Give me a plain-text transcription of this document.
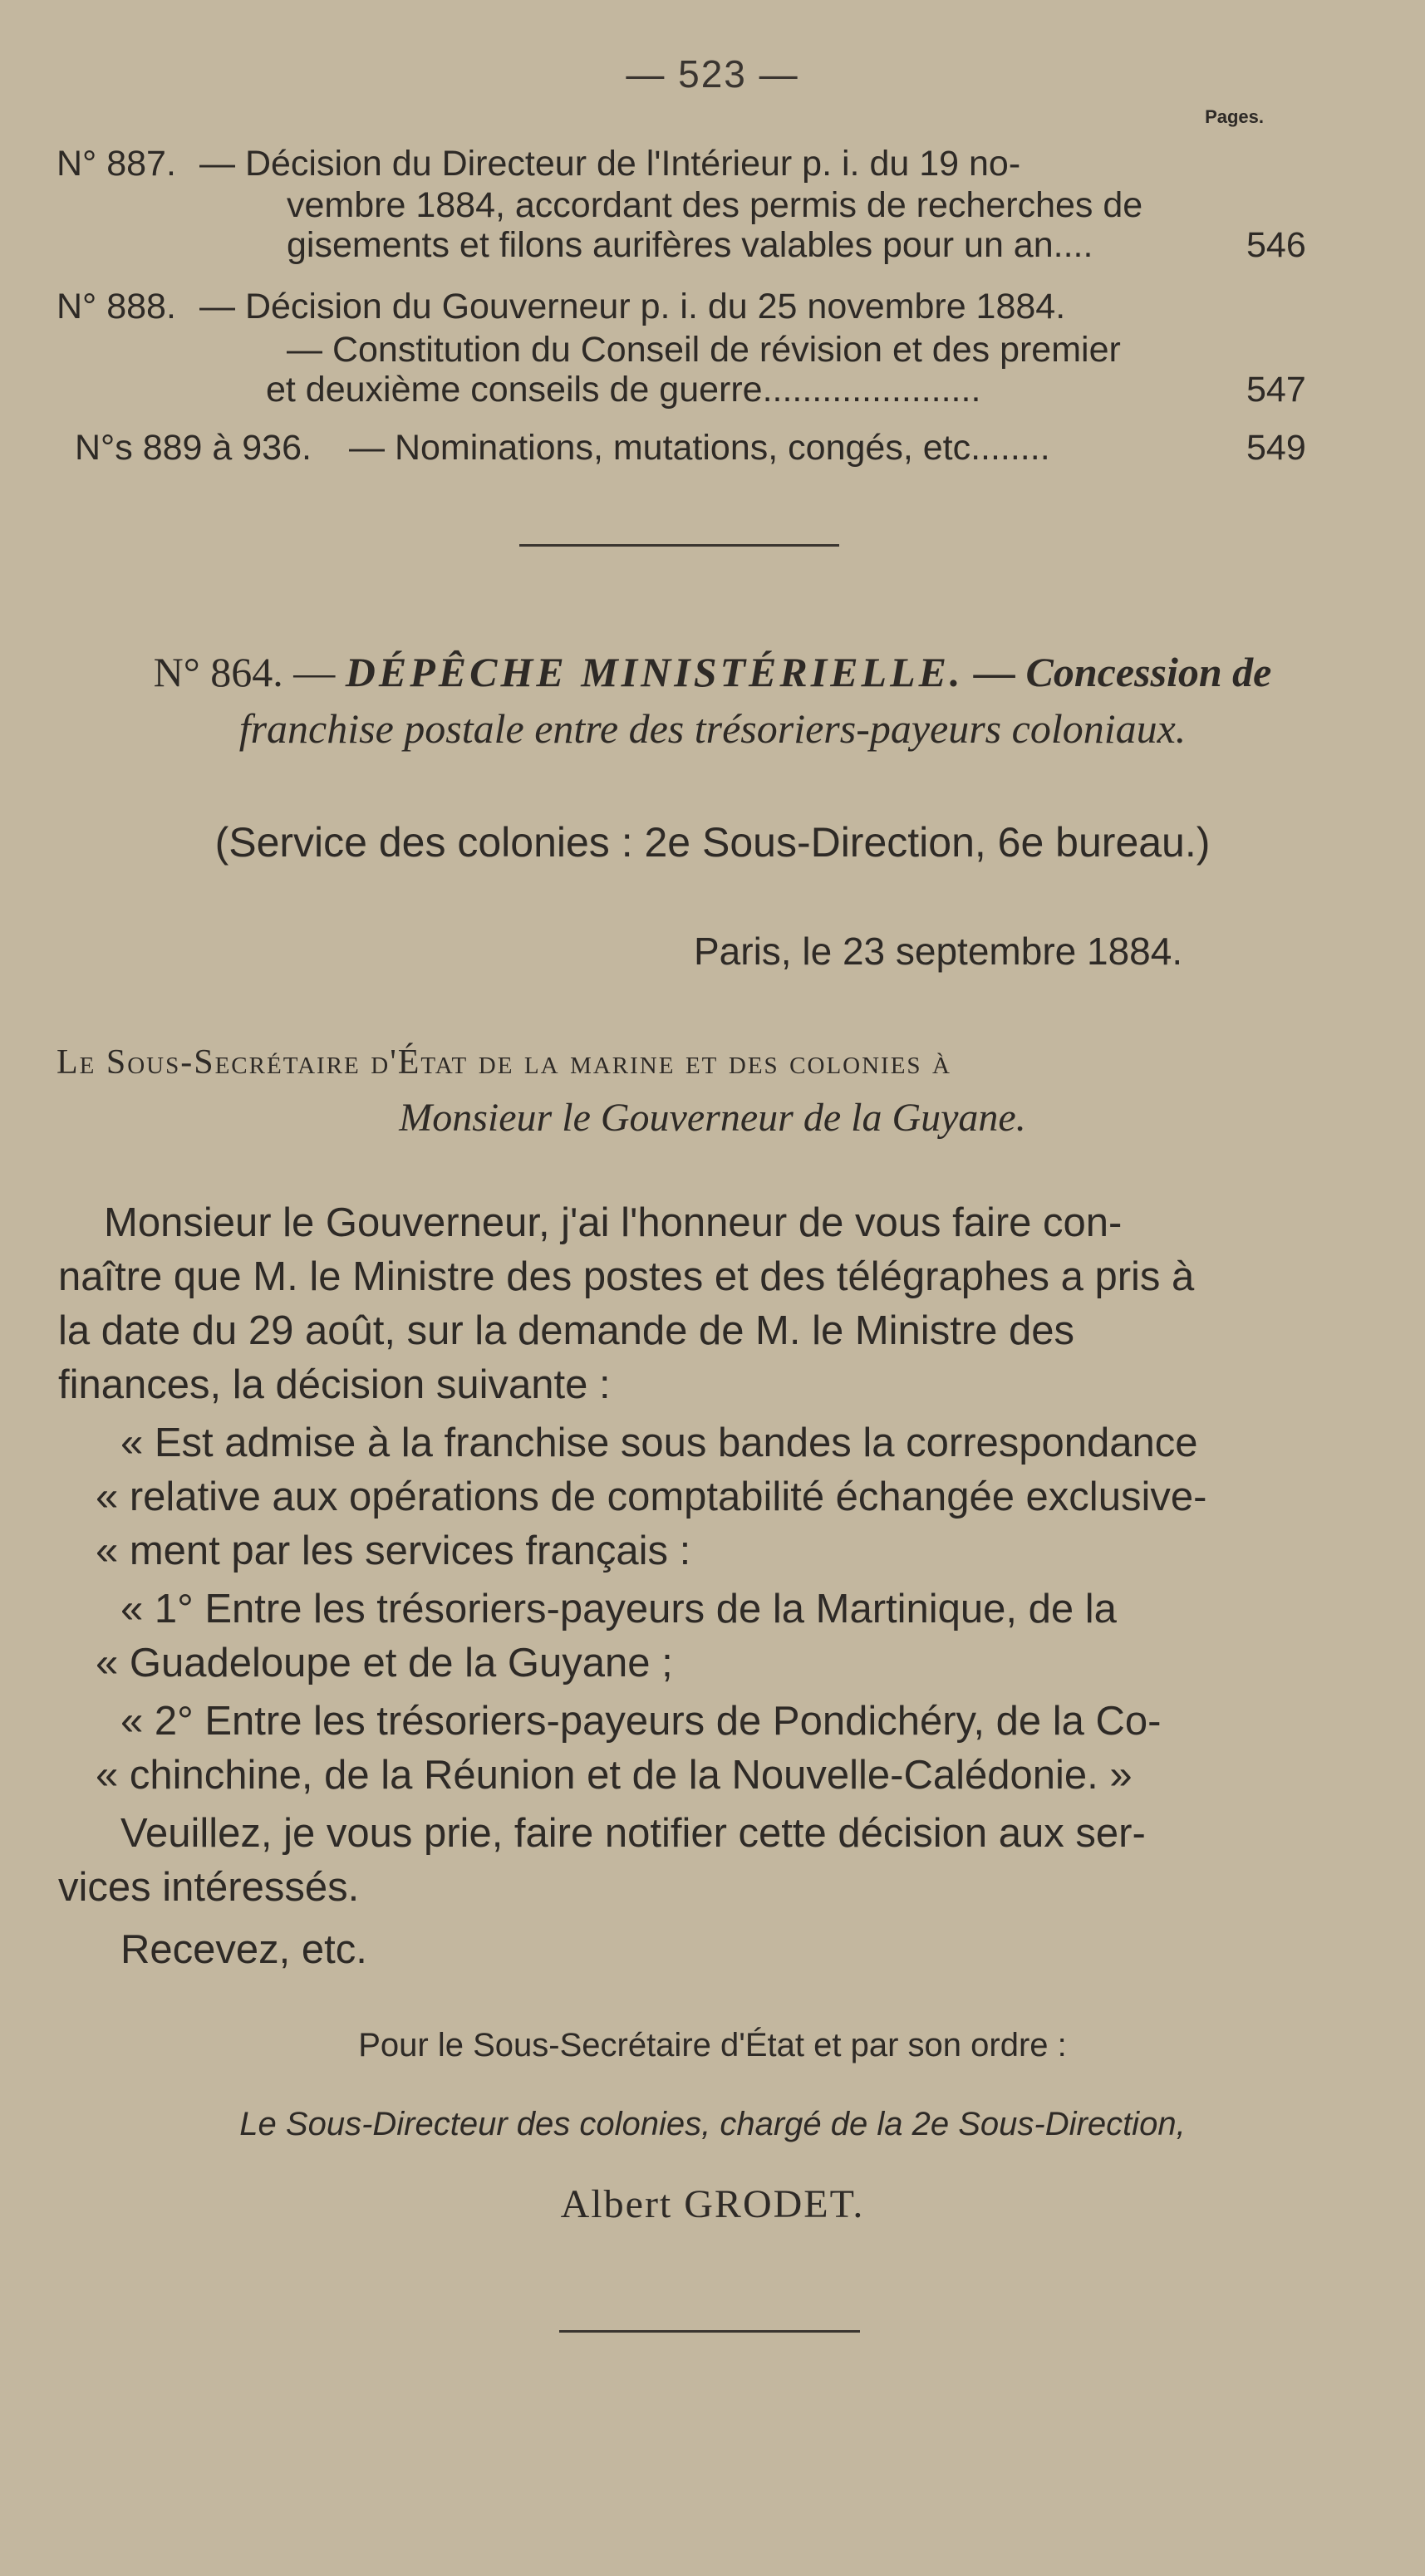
— 523 —
Pages.
N° 887. — Décision du Directeur de l'Intérieur p. i. du 19 no-
vembre 1884, accordant des permis de recherches de
gisements et filons aurifères valables pour un an....	546
N° 888. — Décision du Gouverneur p. i. du 25 novembre 1884.
— Constitution du Conseil de révision et des premier
et deuxième conseils de guerre......................	547
N°s 889 à 936. — Nominations, mutations, congés, etc........	549
N° 864. — DÉPÊCHE MINISTÉRIELLE. — Concession de
franchise postale entre des trésoriers-payeurs coloniaux.
(Service des colonies : 2e Sous-Direction, 6e bureau.)
Paris, le 23 septembre 1884.
Le Sous-Secrétaire d'État de la marine et des colonies à
Monsieur le Gouverneur de la Guyane.
Monsieur le Gouverneur, j'ai l'honneur de vous faire con-
naître que M. le Ministre des postes et des télégraphes a pris à
la date du 29 août, sur la demande de M. le Ministre des
finances, la décision suivante :
« Est admise à la franchise sous bandes la correspondance
« relative aux opérations de comptabilité échangée exclusive-
« ment par les services français :
« 1° Entre les trésoriers-payeurs de la Martinique, de la
« Guadeloupe et de la Guyane ;
« 2° Entre les trésoriers-payeurs de Pondichéry, de la Co-
« chinchine, de la Réunion et de la Nouvelle-Calédonie. »
Veuillez, je vous prie, faire notifier cette décision aux ser-
vices intéressés.
Recevez, etc.
Pour le Sous-Secrétaire d'État et par son ordre :
Le Sous-Directeur des colonies, chargé de la 2e Sous-Direction,
Albert GRODET.
